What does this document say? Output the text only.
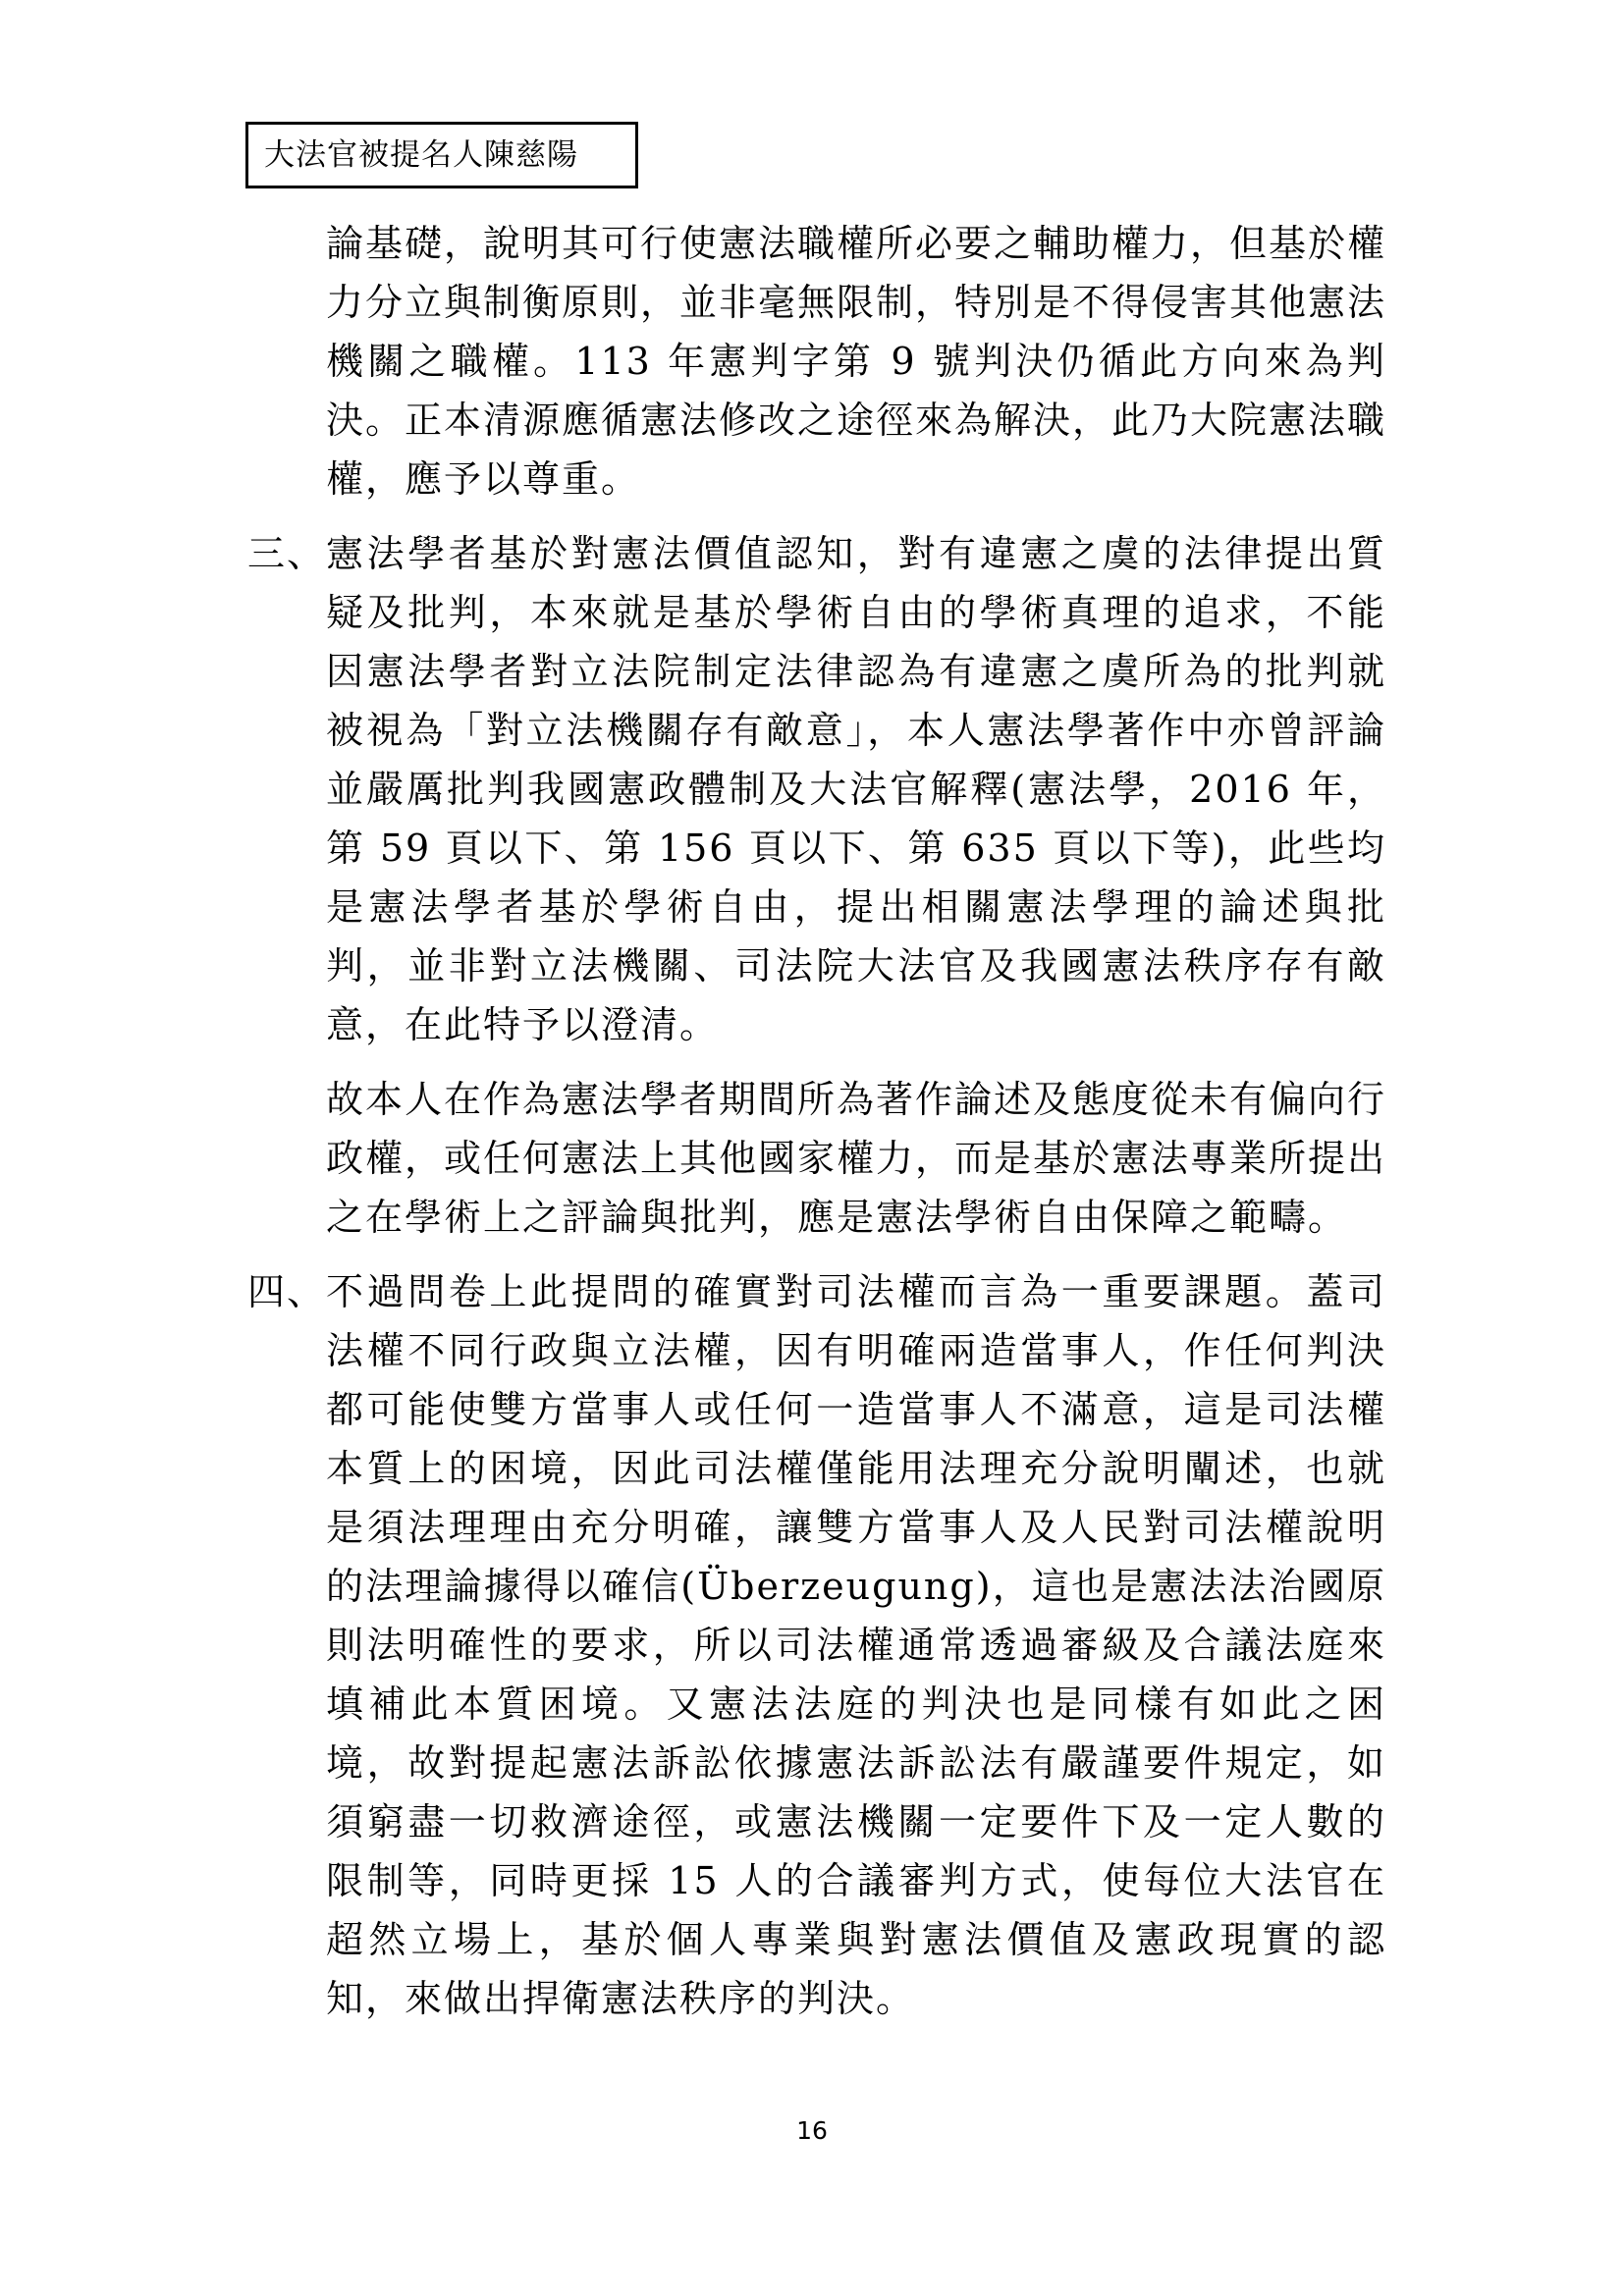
大法官被提名人陳慈陽

論基礎，說明其可行使憲法職權所必要之輔助權力，但基於權力分立與制衡原則，並非毫無限制，特別是不得侵害其他憲法機關之職權。113 年憲判字第 9 號判決仍循此方向來為判決。正本清源應循憲法修改之途徑來為解決，此乃大院憲法職權，應予以尊重。

三、 憲法學者基於對憲法價值認知，對有違憲之虞的法律提出質疑及批判，本來就是基於學術自由的學術真理的追求，不能因憲法學者對立法院制定法律認為有違憲之虞所為的批判就被視為「對立法機關存有敵意」，本人憲法學著作中亦曾評論並嚴厲批判我國憲政體制及大法官解釋(憲法學，2016 年，第 59 頁以下、第 156 頁以下、第 635 頁以下等)，此些均是憲法學者基於學術自由，提出相關憲法學理的論述與批判，並非對立法機關、司法院大法官及我國憲法秩序存有敵意，在此特予以澄清。

故本人在作為憲法學者期間所為著作論述及態度從未有偏向行政權，或任何憲法上其他國家權力，而是基於憲法專業所提出之在學術上之評論與批判，應是憲法學術自由保障之範疇。

四、 不過問卷上此提問的確實對司法權而言為一重要課題。蓋司法權不同行政與立法權，因有明確兩造當事人，作任何判決都可能使雙方當事人或任何一造當事人不滿意，這是司法權本質上的困境，因此司法權僅能用法理充分說明闡述，也就是須法理理由充分明確，讓雙方當事人及人民對司法權說明的法理論據得以確信(Überzeugung)，這也是憲法法治國原則法明確性的要求，所以司法權通常透過審級及合議法庭來填補此本質困境。又憲法法庭的判決也是同樣有如此之困境，故對提起憲法訴訟依據憲法訴訟法有嚴謹要件規定，如須窮盡一切救濟途徑，或憲法機關一定要件下及一定人數的限制等，同時更採 15 人的合議審判方式，使每位大法官在超然立場上，基於個人專業與對憲法價值及憲政現實的認知，來做出捍衛憲法秩序的判決。
16
